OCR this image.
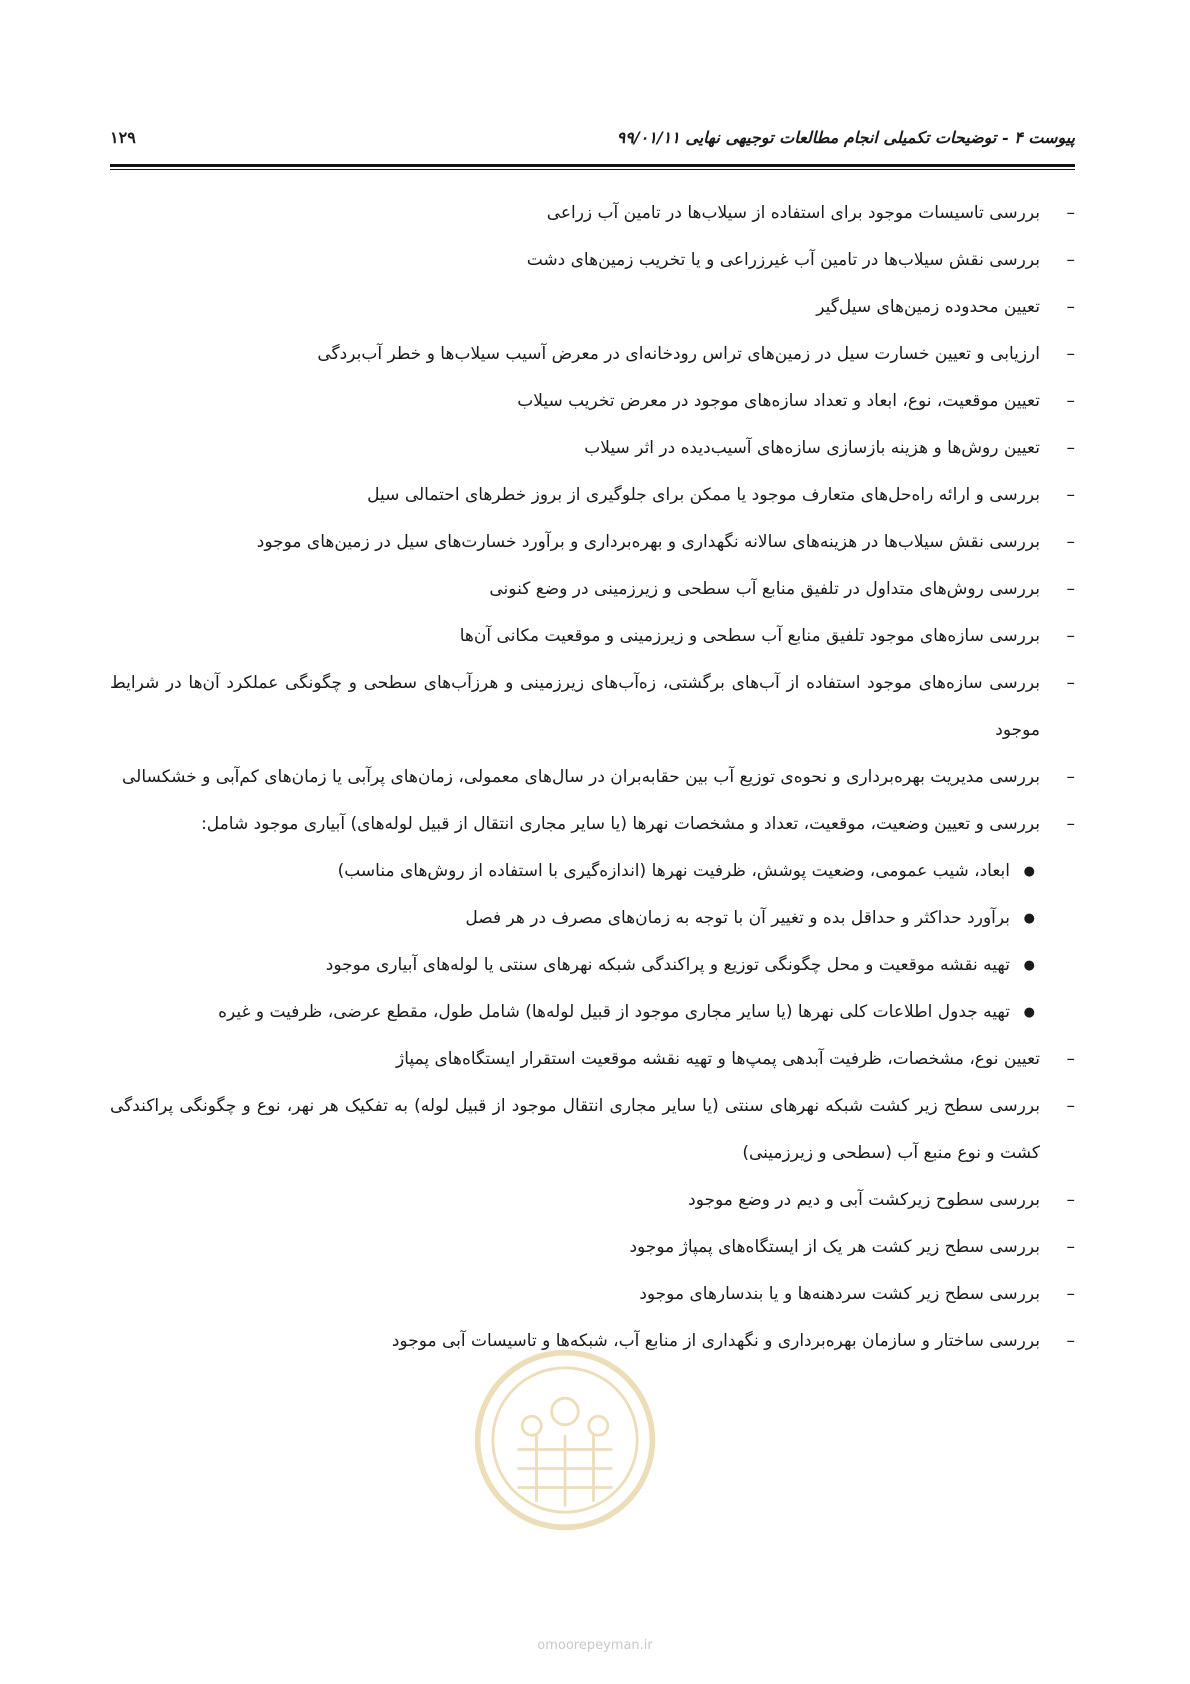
پیوست ۴ - توضیحات تکمیلی انجام مطالعات توجیهی نهایی ۹۹/۰۱/۱۱
۱۲۹
–
بررسی تاسیسات موجود برای استفاده از سیلاب‌ها در تامین آب زراعی
–
بررسی نقش سیلاب‌ها در تامین آب غیرزراعی و یا تخریب زمین‌های دشت
–
تعیین محدوده زمین‌های سیل‌گیر
–
ارزیابی و تعیین خسارت سیل در زمین‌های تراس رودخانه‌ای در معرض آسیب سیلاب‌ها و خطر آب‌بردگی
–
تعیین موقعیت، نوع، ابعاد و تعداد سازه‌های موجود در معرض تخریب سیلاب
–
تعیین روش‌ها و هزینه بازسازی سازه‌های آسیب‌دیده در اثر سیلاب
–
بررسی و ارائه راه‌حل‌های متعارف موجود یا ممکن برای جلوگیری از بروز خطرهای احتمالی سیل
–
بررسی نقش سیلاب‌ها در هزینه‌های سالانه نگهداری و بهره‌برداری و برآورد خسارت‌های سیل در زمین‌های موجود
–
بررسی روش‌های متداول در تلفیق منابع آب سطحی و زیرزمینی در وضع کنونی
–
بررسی سازه‌های موجود تلفیق منابع آب سطحی و زیرزمینی و موقعیت مکانی آن‌ها
–
بررسی سازه‌های موجود استفاده از آب‌های برگشتی، زه‌آب‌های زیرزمینی و هرزآب‌های سطحی و چگونگی عملکرد آن‌ها در شرایط موجود
–
بررسی مدیریت بهره‌برداری و نحوه‌ی توزیع آب بین حقابه‌بران در سال‌های معمولی، زمان‌های پرآبی یا زمان‌های کم‌آبی و خشکسالی
–
بررسی و تعیین وضعیت، موقعیت، تعداد و مشخصات نهرها (یا سایر مجاری انتقال از قبیل لوله‌های) آبیاری موجود شامل:
●
ابعاد، شیب عمومی، وضعیت پوشش، ظرفیت نهرها (اندازه‌گیری با استفاده از روش‌های مناسب)
●
برآورد حداکثر و حداقل بده و تغییر آن با توجه به زمان‌های مصرف در هر فصل
●
تهیه نقشه موقعیت و محل چگونگی توزیع و پراکندگی شبکه نهرهای سنتی یا لوله‌های آبیاری موجود
●
تهیه جدول اطلاعات کلی نهرها (یا سایر مجاری موجود از قبیل لوله‌ها) شامل طول، مقطع عرضی، ظرفیت و غیره
–
تعیین نوع، مشخصات، ظرفیت آبدهی پمپ‌ها و تهیه نقشه موقعیت استقرار ایستگاه‌های پمپاژ
–
بررسی سطح زیر کشت شبکه نهرهای سنتی (یا سایر مجاری انتقال موجود از قبیل لوله) به تفکیک هر نهر، نوع و چگونگی پراکندگی کشت و نوع منبع آب (سطحی و زیرزمینی)
–
بررسی سطوح زیرکشت آبی و دیم در وضع موجود
–
بررسی سطح زیر کشت هر یک از ایستگاه‌های پمپاژ موجود
–
بررسی سطح زیر کشت سردهنه‌ها و یا بندسارهای موجود
–
بررسی ساختار و سازمان بهره‌برداری و نگهداری از منابع آب، شبکه‌ها و تاسیسات آبی موجود
omoorepeyman.ir
